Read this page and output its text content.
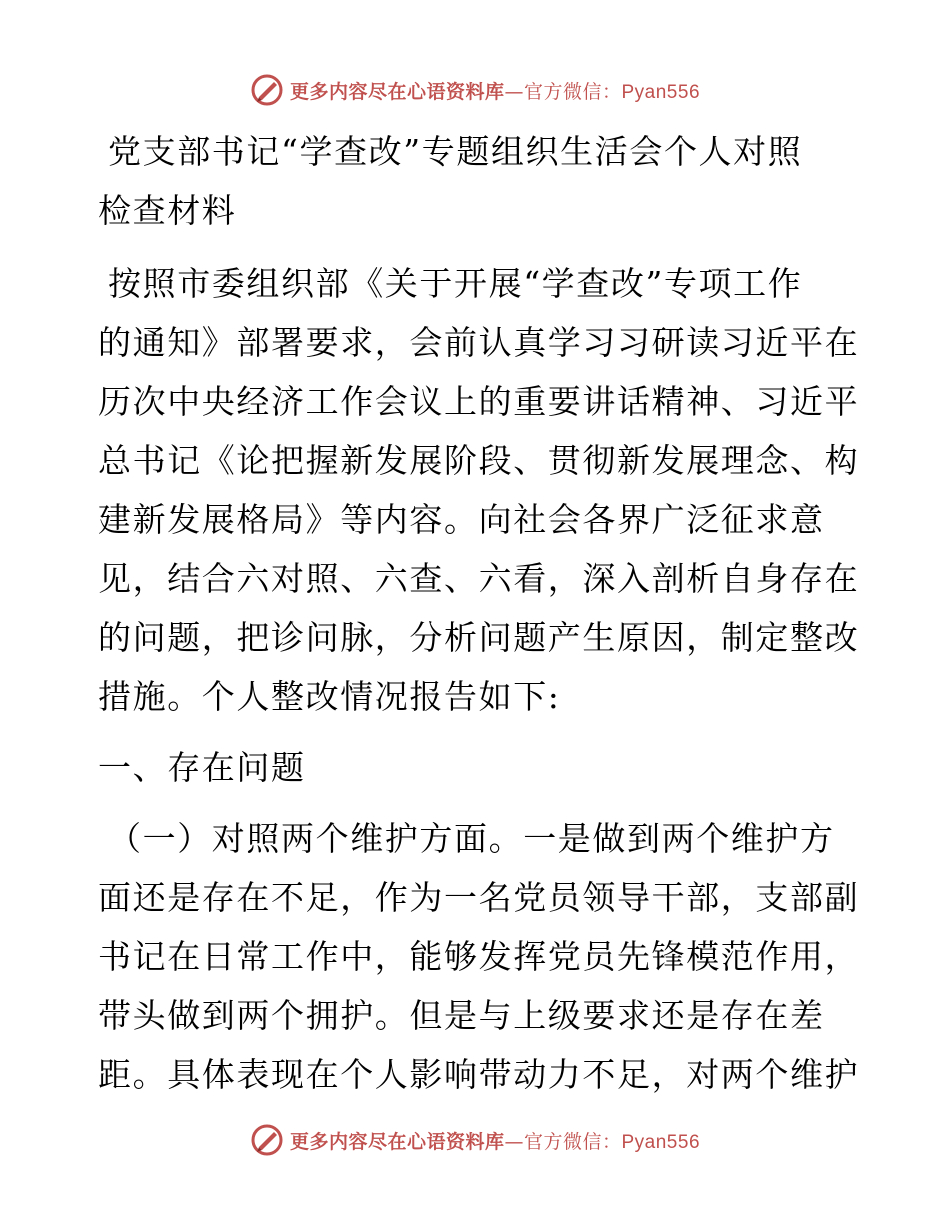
更多内容尽在心语资料库—官方微信：Pyan556
党支部书记“学查改”专题组织生活会个人对照
检查材料
按照市委组织部《关于开展“学查改”专项工作
的通知》部署要求，会前认真学习习研读习近平在
历次中央经济工作会议上的重要讲话精神、习近平
总书记《论把握新发展阶段、贯彻新发展理念、构
建新发展格局》等内容。向社会各界广泛征求意
见，结合六对照、六查、六看，深入剖析自身存在
的问题，把诊问脉，分析问题产生原因，制定整改
措施。个人整改情况报告如下:
一、存在问题
（一）对照两个维护方面。一是做到两个维护方
面还是存在不足，作为一名党员领导干部，支部副
书记在日常工作中，能够发挥党员先锋模范作用，
带头做到两个拥护。但是与上级要求还是存在差
距。具体表现在个人影响带动力不足，对两个维护
更多内容尽在心语资料库—官方微信：Pyan556
